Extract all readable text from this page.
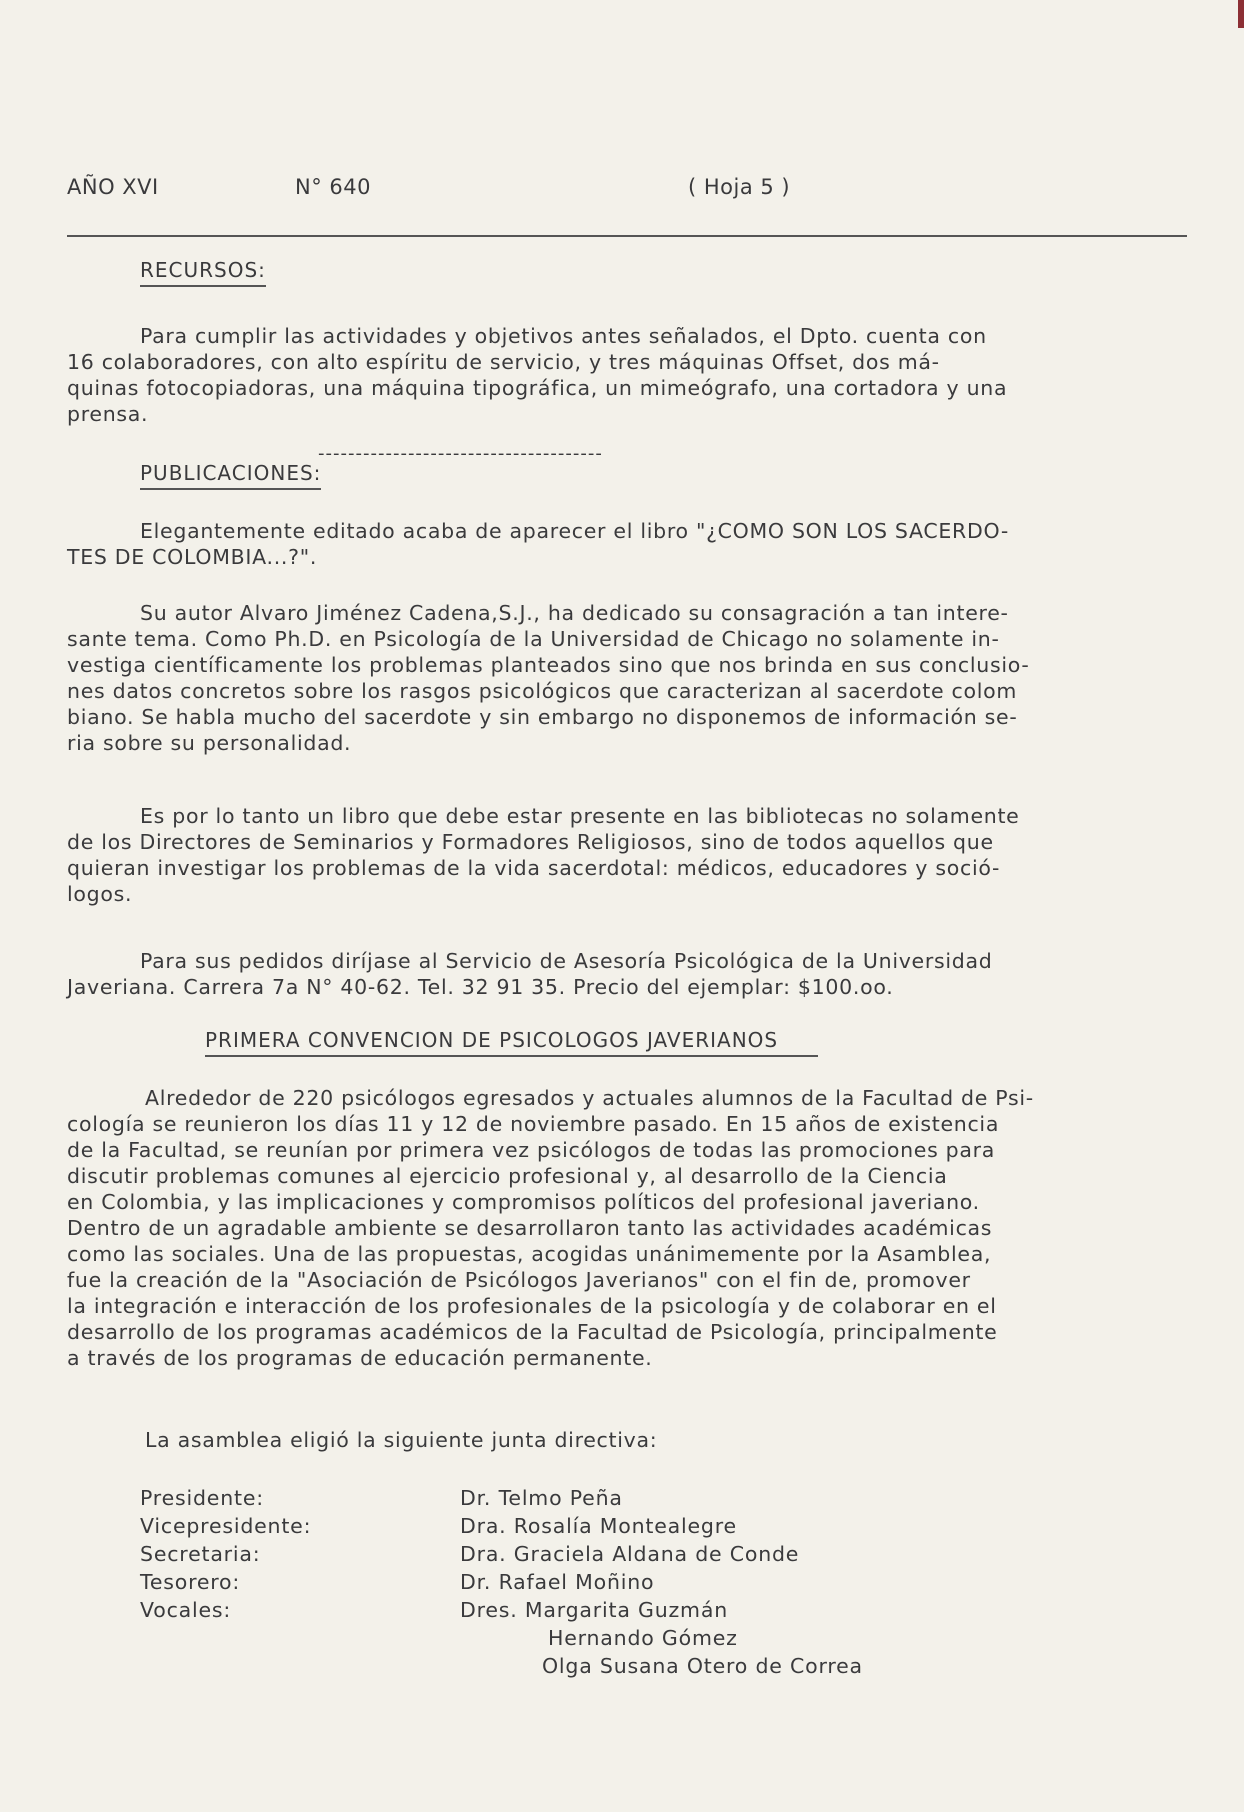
AÑO XVI	N° 640	( Hoja 5 )
RECURSOS:
Para cumplir las actividades y objetivos antes señalados, el Dpto. cuenta con
16 colaboradores, con alto espíritu de servicio, y tres máquinas Offset, dos má-
quinas fotocopiadoras, una máquina tipográfica, un mimeógrafo, una cortadora y una
prensa.
--------------------------------------
PUBLICACIONES:
Elegantemente editado acaba de aparecer el libro "¿COMO SON LOS SACERDO-
TES DE COLOMBIA...?".
Su autor Alvaro Jiménez Cadena,S.J., ha dedicado su consagración a tan intere-
sante tema. Como Ph.D. en Psicología de la Universidad de Chicago no solamente in-
vestiga científicamente los problemas planteados sino que nos brinda en sus conclusio-
nes datos concretos sobre los rasgos psicológicos que caracterizan al sacerdote colom
biano. Se habla mucho del sacerdote y sin embargo no disponemos de información se-
ria sobre su personalidad.
Es por lo tanto un libro que debe estar presente en las bibliotecas no solamente
de los Directores de Seminarios y Formadores Religiosos, sino de todos aquellos que
quieran investigar los problemas de la vida sacerdotal: médicos, educadores y soció-
logos.
Para sus pedidos diríjase al Servicio de Asesoría Psicológica de la Universidad
Javeriana. Carrera 7a N° 40-62. Tel. 32 91 35. Precio del ejemplar: $100.oo.
PRIMERA CONVENCION DE PSICOLOGOS JAVERIANOS
Alrededor de 220 psicólogos egresados y actuales alumnos de la Facultad de Psi-
cología se reunieron los días 11 y 12 de noviembre pasado. En 15 años de existencia
de la Facultad, se reunían por primera vez psicólogos de todas las promociones para
discutir problemas comunes al ejercicio profesional y, al desarrollo de la Ciencia
en Colombia, y las implicaciones y compromisos políticos del profesional javeriano.
Dentro de un agradable ambiente se desarrollaron tanto las actividades académicas
como las sociales. Una de las propuestas, acogidas unánimemente por la Asamblea,
fue la creación de la "Asociación de Psicólogos Javerianos" con el fin de, promover
la integración e interacción de los profesionales de la psicología y de colaborar en el
desarrollo de los programas académicos de la Facultad de Psicología, principalmente
a través de los programas de educación permanente.
La asamblea eligió la siguiente junta directiva:
Presidente:
Vicepresidente:
Secretaria:
Tesorero:
Vocales:
Dr. Telmo Peña
Dra. Rosalía Montealegre
Dra. Graciela Aldana de Conde
Dr. Rafael Moñino
Dres. Margarita Guzmán
Hernando Gómez
Olga Susana Otero de Correa
